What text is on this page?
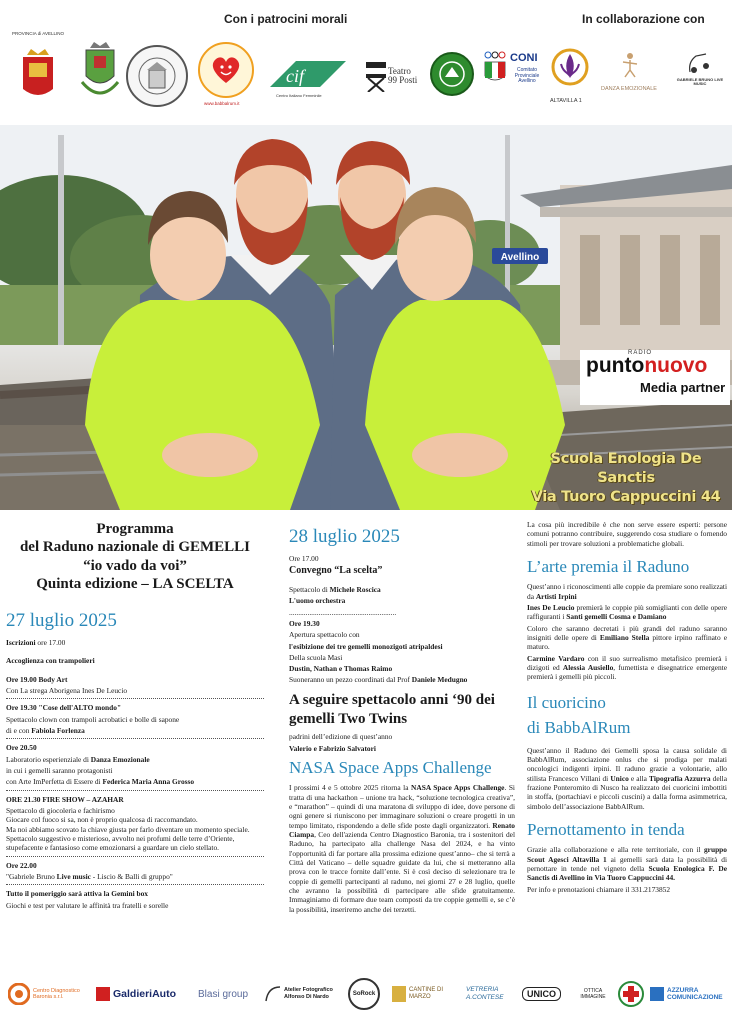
Con i patrocini morali	In collaborazione con
PROVINCIA di AVELLINO
www.babbalrum.it
cif
Centro Italiano Femminile
Teatro 99 Posti
CONI
Comitato Provinciale Avellino
ALTAVILLA 1
DANZA EMOZIONALE
GABRIELE BRUNO LIVE MUSIC
Avellino
RADIO
puntonuovo
Media partner
Scuola Enologia De Sanctis
Via Tuoro Cappuccini 44
Programma
del Raduno nazionale di GEMELLI
“io vado da voi”
Quinta edizione – LA SCELTA
27 luglio 2025
Iscrizioni ore 17.00
Accoglienza con trampolieri
Ore 19.00 Body Art
Con La strega Aborigena Ines De Leucio
Ore 19.30 "Cose dell'ALTO mondo"
Spettacolo clown con trampoli acrobatici e bolle di sapone
di e con Fabiola Forlenza
Ore 20.50
Laboratorio esperienziale di Danza Emozionale
in cui i gemelli saranno protagonisti
con Arte ImPerfetta di Essere di Federica Maria Anna Grosso
ORE 21.30 FIRE SHOW – AZAHAR
Spettacolo di giocoleria e fachirismo
Giocare col fuoco si sa, non è proprio qualcosa di raccomandato.
Ma noi abbiamo scovato la chiave giusta per farlo diventare un momento speciale.
Spettacolo suggestivo e misterioso, avvolto nei profumi delle terre d’Oriente,
stupefacente e fantasioso come emozionarsi a guardare un cielo stellato.
Ore 22.00
"Gabriele Bruno Live music - Liscio & Balli di gruppo"
Tutto il pomeriggio sarà attiva la Gemini box
Giochi e test per valutare le affinità tra fratelli e sorelle
28 luglio 2025
Ore 17.00
Convegno “La scelta”
Spettacolo di Michele Roscica
L'uomo orchestra
..........................................................
Ore 19.30
Apertura spettacolo con
l'esibizione dei tre gemelli monozigoti atripaldesi
Della scuola Masi
Dustin, Nathan e Thomas Raimo
Suoneranno un pezzo coordinati dal Prof Daniele Medugno
A seguire spettacolo anni ‘90 dei gemelli Two Twins
padrini dell’edizione di quest’anno
Valerio e Fabrizio Salvatori
NASA Space Apps Challenge
I prossimi 4 e 5 ottobre 2025 ritorna la NASA Space Apps Challenge. Si tratta di una hackathon – unione tra hack, “soluzione tecnologica creativa”, e “marathon” – quindi di una maratona di sviluppo di idee, dove persone di ogni genere si riuniscono per immaginare soluzioni o creare progetti in un tempo limitato, rispondendo a delle sfide poste dagli organizzatori. Renato Ciampa, Ceo dell'azienda Centro Diagnostico Baronia, tra i sostenitori del Raduno, ha partecipato alla challenge Nasa del 2024, e ha vinto l'opportunità di far portare alla prossima edizione quest’anno– che si terrà a Città del Vaticano – delle squadre guidate da lui, che si metteranno alla prova con le tracce fornite dall’ente. Si è così deciso di selezionare tra le coppie di gemelli partecipanti al raduno, nei giorni 27 e 28 luglio, quelle che avranno la possibilità di partecipare alle sfide gratuitamente. Immaginiamo di formare due team composti da tre coppie gemelli e, se c’è la possibilità, inseriremo anche dei terzetti.
La cosa più incredibile è che non serve essere esperti: persone comuni potranno contribuire, suggerendo cosa studiare o fornendo stimoli per trovare soluzioni a problematiche globali.
L’arte premia il Raduno
Quest’anno i riconoscimenti alle coppie da premiare sono realizzati da Artisti Irpini
Ines De Leucio premierà le coppie più somiglianti con delle opere raffiguranti i Santi gemelli Cosma e Damiano
Coloro che saranno decretati i più grandi del raduno saranno insigniti delle opere di Emiliano Stella pittore irpino raffinato e maturo.
Carmine Vardaro con il suo surrealismo metafisico premierà i dizigoti ed Alessia Ausiello, fumettista e disegnatrice emergente premierà i gemelli più piccoli.
Il cuoricino
di BabbAlRum
Quest’anno il Raduno dei Gemelli sposa la causa solidale di BabbAlRum, associazione onlus che si prodiga per malati oncologici indigenti irpini. Il raduno grazie a volontarie, allo stilista Francesco Villani di Unico e alla Tipografia Azzurra della frazione Ponteromito di Nusco ha realizzato dei cuoricini imbottiti in stoffa, (portachiavi e piccoli cuscini) a dalla forma asimmetrica, simbolo dell’associazione BabbAlRum.
Pernottamento in tenda
Grazie alla collaborazione e alla rete territoriale, con il gruppo Scout Agesci Altavilla 1 ai gemelli sarà data la possibilità di pernottare in tende nel vigneto della Scuola Enologica F. De Sanctis di Avellino in Via Tuoro Cappuccini 44.
Per info e prenotazioni chiamare il 331.2173852
Centro Diagnostico Baronia s.r.l.	GaldieriAuto Blasi group	Atelier Fotografico Alfonso Di Nardo	SoRock
CANTINE DI MARZO
VETRERIA A.CONTESE	UNICO	OTTICA IMMAGINE
AZZURRA COMUNICAZIONE
